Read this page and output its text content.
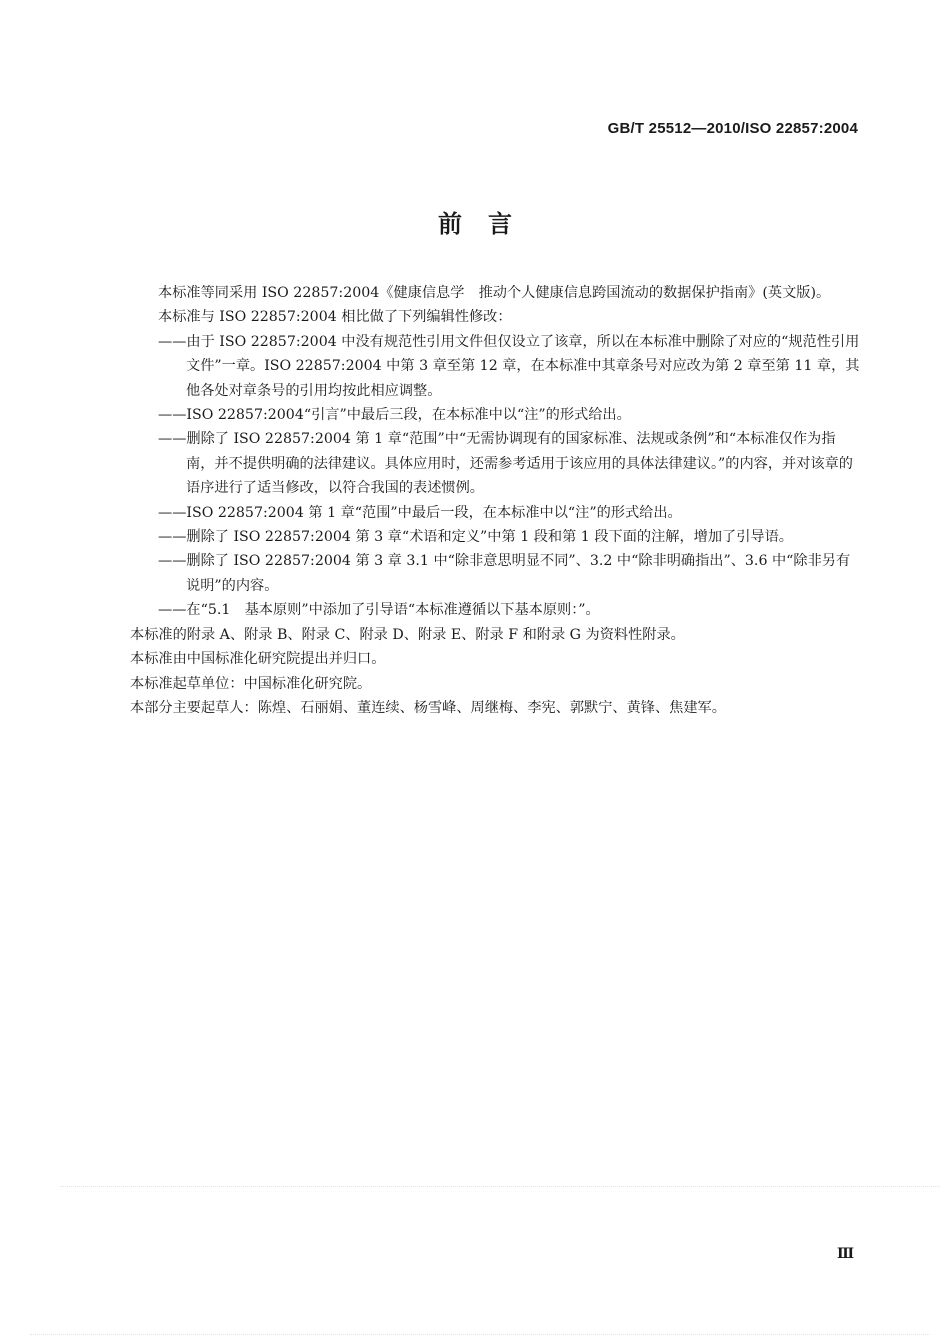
GB/T 25512—2010/ISO 22857:2004
前言

本标准等同采用 ISO 22857:2004《健康信息学　推动个人健康信息跨国流动的数据保护指南》(英文版)。

本标准与 ISO 22857:2004 相比做了下列编辑性修改：

——由于 ISO 22857:2004 中没有规范性引用文件但仅设立了该章，所以在本标准中删除了对应的“规范性引用文件”一章。ISO 22857:2004 中第 3 章至第 12 章，在本标准中其章条号对应改为第 2 章至第 11 章，其他各处对章条号的引用均按此相应调整。

——ISO 22857:2004“引言”中最后三段，在本标准中以“注”的形式给出。

——删除了 ISO 22857:2004 第 1 章“范围”中“无需协调现有的国家标准、法规或条例”和“本标准仅作为指南，并不提供明确的法律建议。具体应用时，还需参考适用于该应用的具体法律建议。”的内容，并对该章的语序进行了适当修改，以符合我国的表述惯例。

——ISO 22857:2004 第 1 章“范围”中最后一段，在本标准中以“注”的形式给出。

——删除了 ISO 22857:2004 第 3 章“术语和定义”中第 1 段和第 1 段下面的注解，增加了引导语。

——删除了 ISO 22857:2004 第 3 章 3.1 中“除非意思明显不同”、3.2 中“除非明确指出”、3.6 中“除非另有说明”的内容。

——在“5.1　基本原则”中添加了引导语“本标准遵循以下基本原则：”。

本标准的附录 A、附录 B、附录 C、附录 D、附录 E、附录 F 和附录 G 为资料性附录。

本标准由中国标准化研究院提出并归口。

本标准起草单位：中国标准化研究院。

本部分主要起草人：陈煌、石丽娟、董连续、杨雪峰、周继梅、李宪、郭默宁、黄锋、焦建军。

Ⅲ
